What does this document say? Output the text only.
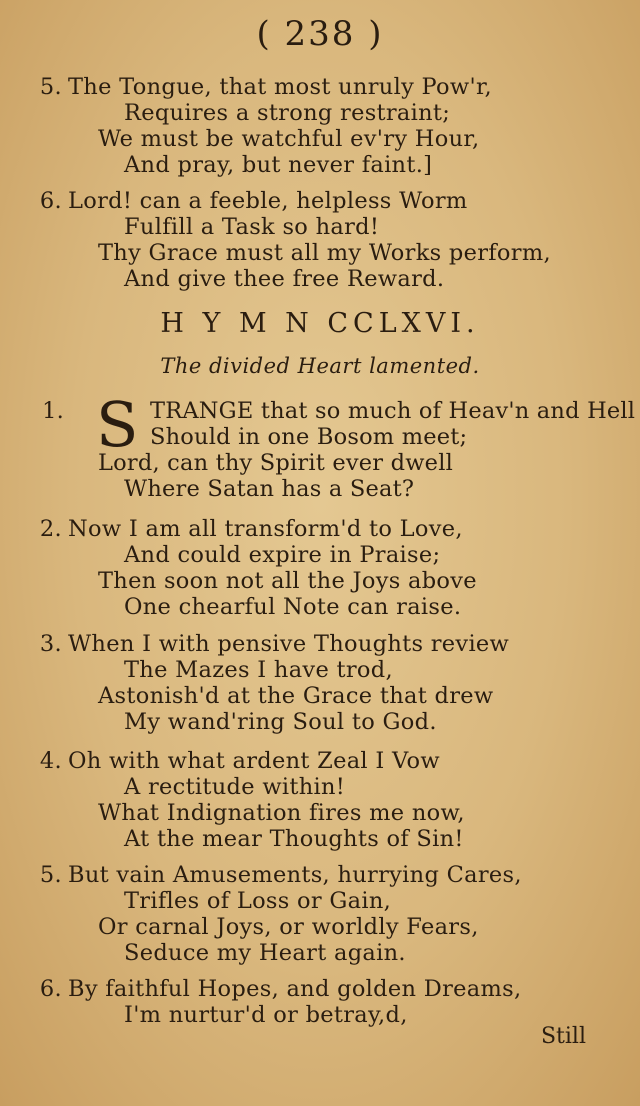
( 238 )
5. The Tongue, that most unruly Pow'r,
Requires a strong restraint;
We must be watchful ev'ry Hour,
And pray, but never faint.]
6. Lord! can a feeble, helpless Worm
Fulfill a Task so hard!
Thy Grace must all my Works perform,
And give thee free Reward.
H Y M N CCLXVI.
The divided Heart lamented.
S
1.	TRANGE that so much of Heav'n and Hell
Should in one Bosom meet;
Lord, can thy Spirit ever dwell
Where Satan has a Seat?
2. Now I am all transform'd to Love,
And could expire in Praise;
Then soon not all the Joys above
One chearful Note can raise.
3. When I with pensive Thoughts review
The Mazes I have trod,
Astonish'd at the Grace that drew
My wand'ring Soul to God.
4. Oh with what ardent Zeal I Vow
A rectitude within!
What Indignation fires me now,
At the mear Thoughts of Sin!
5. But vain Amusements, hurrying Cares,
Trifles of Loss or Gain,
Or carnal Joys, or worldly Fears,
Seduce my Heart again.
6. By faithful Hopes, and golden Dreams,
I'm nurtur'd or betray,d,
Still
